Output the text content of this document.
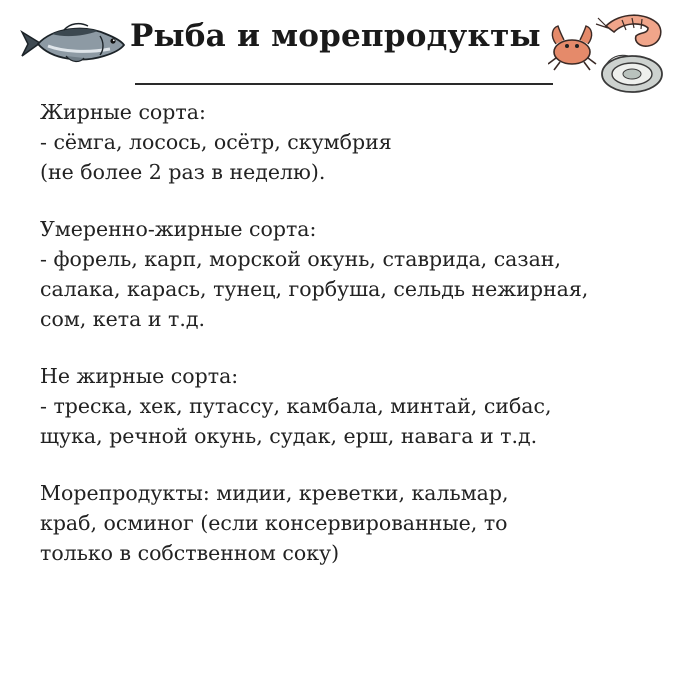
Рыба и морепродукты
Жирные сорта:
- сёмга, лосось, осётр, скумбрия
(не более 2 раз в неделю).
Умеренно-жирные сорта:
- форель, карп, морской окунь, ставрида, сазан,
салака, карась, тунец, горбуша, сельдь нежирная,
сом, кета и т.д.
Не жирные сорта:
- треска, хек, путассу, камбала, минтай, сибас,
щука, речной окунь, судак, ерш, навага и т.д.
Морепродукты: мидии, креветки, кальмар,
краб, осминог (если консервированные, то
только в собственном соку)
